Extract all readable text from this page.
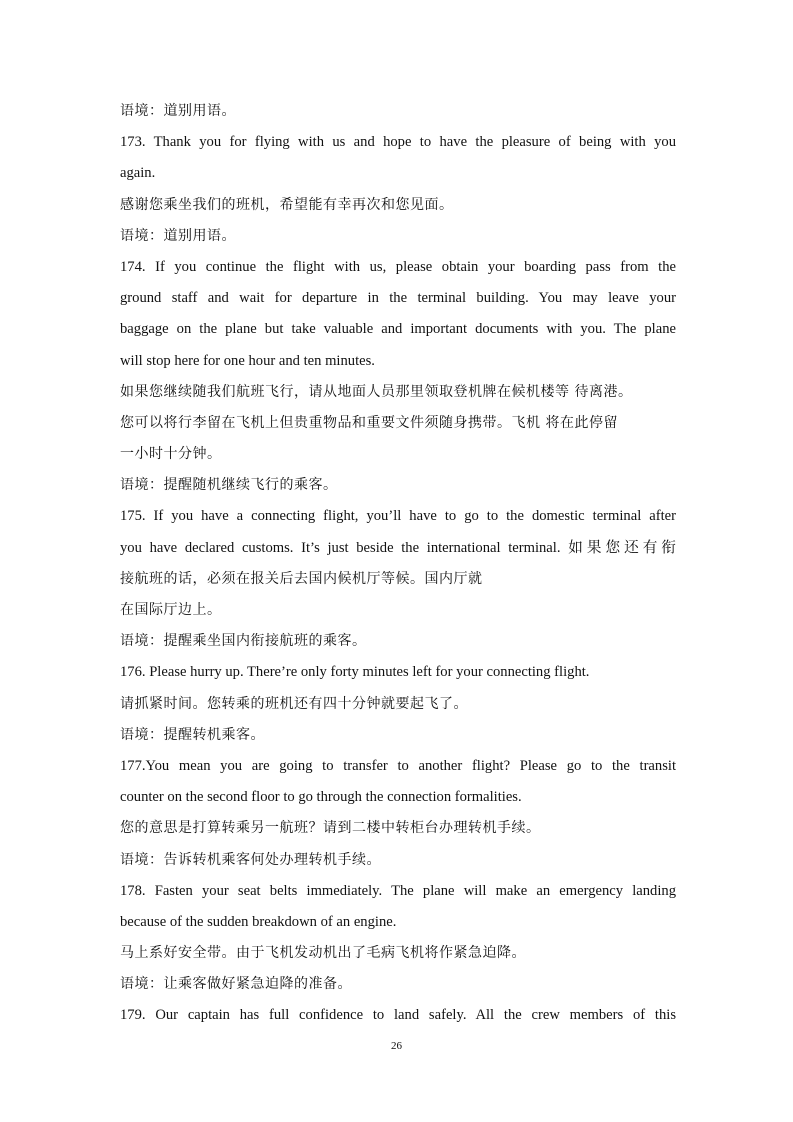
语境：道别用语。
173. Thank you for flying with us and hope to have the pleasure of being with you
again.
感谢您乘坐我们的班机，希望能有幸再次和您见面。
语境：道别用语。
174. If you continue the flight with us, please obtain your boarding pass from the
ground staff and wait for departure in the terminal building. You may leave your
baggage on the plane but take valuable and important documents with you. The plane
will stop here for one hour and ten minutes.
如果您继续随我们航班飞行，请从地面人员那里领取登机牌在候机楼等 待离港。
您可以将行李留在飞机上但贵重物品和重要文件须随身携带。飞机 将在此停留
一小时十分钟。
语境：提醒随机继续飞行的乘客。
175. If you have a connecting flight, you’ll have to go to the domestic terminal after
you have declared customs. It’s just beside the international terminal. 如果您还有衔
接航班的话，必须在报关后去国内候机厅等候。国内厅就
在国际厅边上。
语境：提醒乘坐国内衔接航班的乘客。
176. Please hurry up. There’re only forty minutes left for your connecting flight.
请抓紧时间。您转乘的班机还有四十分钟就要起飞了。
语境：提醒转机乘客。
177.You mean you are going to transfer to another flight? Please go to the transit
counter on the second floor to go through the connection formalities.
您的意思是打算转乘另一航班？请到二楼中转柜台办理转机手续。
语境：告诉转机乘客何处办理转机手续。
178. Fasten your seat belts immediately. The plane will make an emergency landing
because of the sudden breakdown of an engine.
马上系好安全带。由于飞机发动机出了毛病飞机将作紧急迫降。
语境：让乘客做好紧急迫降的准备。
179. Our captain has full confidence to land safely. All the crew members of this
26
